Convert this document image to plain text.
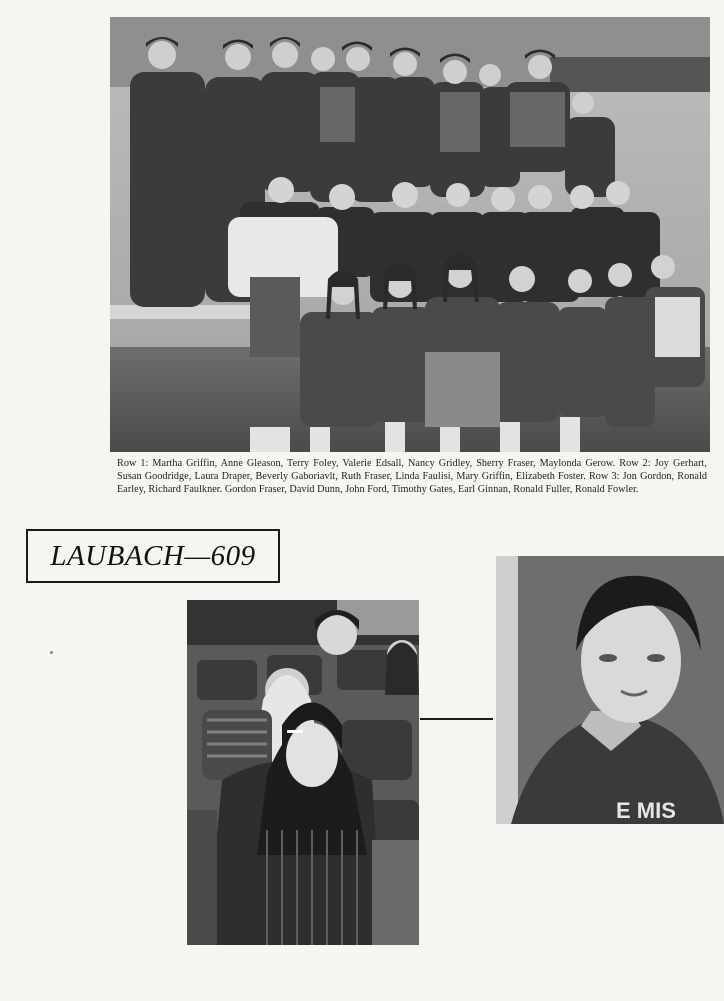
Row 1: Martha Griffin, Anne Gleason, Terry Foley, Valerie Edsall, Nancy Gridley, Sherry Fraser, Maylonda Gerow. Row 2: Joy Gerhart, Susan Goodridge, Laura Draper, Beverly Gaboriavlt, Ruth Fraser, Linda Faulisi, Mary Griffin, Elizabeth Foster. Row 3: Jon Gordon, Ronald Earley, Richard Faulkner. Gordon Fraser, David Dunn, John Ford, Timothy Gates, Earl Ginnan, Ronald Fuller, Ronald Fowler.

LAUBACH—609
E MIS
